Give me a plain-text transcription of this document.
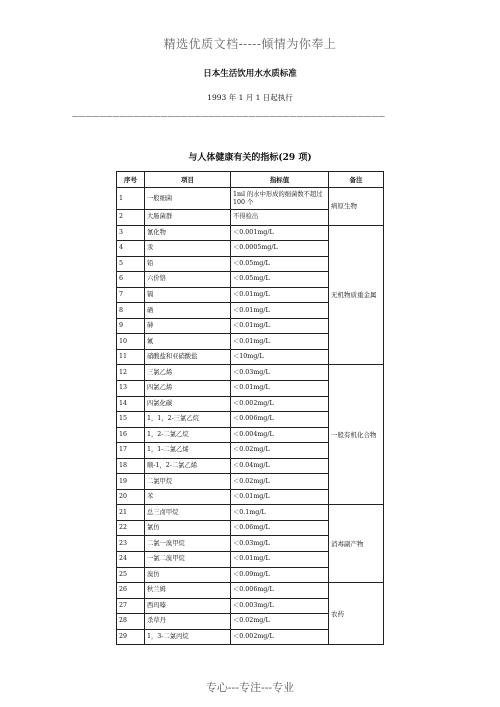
精选优质文档-----倾情为你奉上
日本生活饮用水水质标准
1993 年 1 月 1 日起执行
——————————————————————————————————————————————
与人体健康有关的指标(29 项)
序号	项目	指标值	备注
1	一般细菌	1ml 的水中形成的细菌数不超过 100 个	病原生物
2	大肠菌群	不得检出	
3	氰化物	＜0.001mg/L	无机物质重金属
4	汞	＜0.0005mg/L	
5	铅	＜0.05mg/L	
6	六价铬	＜0.05mg/L	
7	镉	＜0.01mg/L	
8	硒	＜0.01mg/L	
9	砷	＜0.01mg/L	
10	氟	＜0.01mg/L	
11	硝酸盐和亚硝酸盐	＜10mg/L	
12	三氯乙烯	＜0.03mg/L	一般有机化合物
13	四氯乙烯	＜0.01mg/L	
14	四氯化碳	＜0.002mg/L	
15	1，1，2-三氯乙烷	＜0.006mg/L	
16	1，2-二氯乙烷	＜0.004mg/L	
17	1，1-二氯乙烯	＜0.02mg/L	
18	顺-1，2-二氯乙烯	＜0.04mg/L	
19	二氯甲烷	＜0.02mg/L	
20	苯	＜0.01mg/L	
21	总三卤甲烷	＜0.1mg/L	消毒副产物
22	氯仿	＜0.06mg/L	
23	二氯一溴甲烷	＜0.03mg/L	
24	一氯二溴甲烷	＜0.01mg/L	
25	溴仿	＜0.09mg/L	
26	秋兰姆	＜0.006mg/L	农药
27	西玛嗪	＜0.003mg/L	
28	杀草丹	＜0.02mg/L	
29	1，3-二氯丙烷	＜0.002mg/L	
专心---专注---专业
